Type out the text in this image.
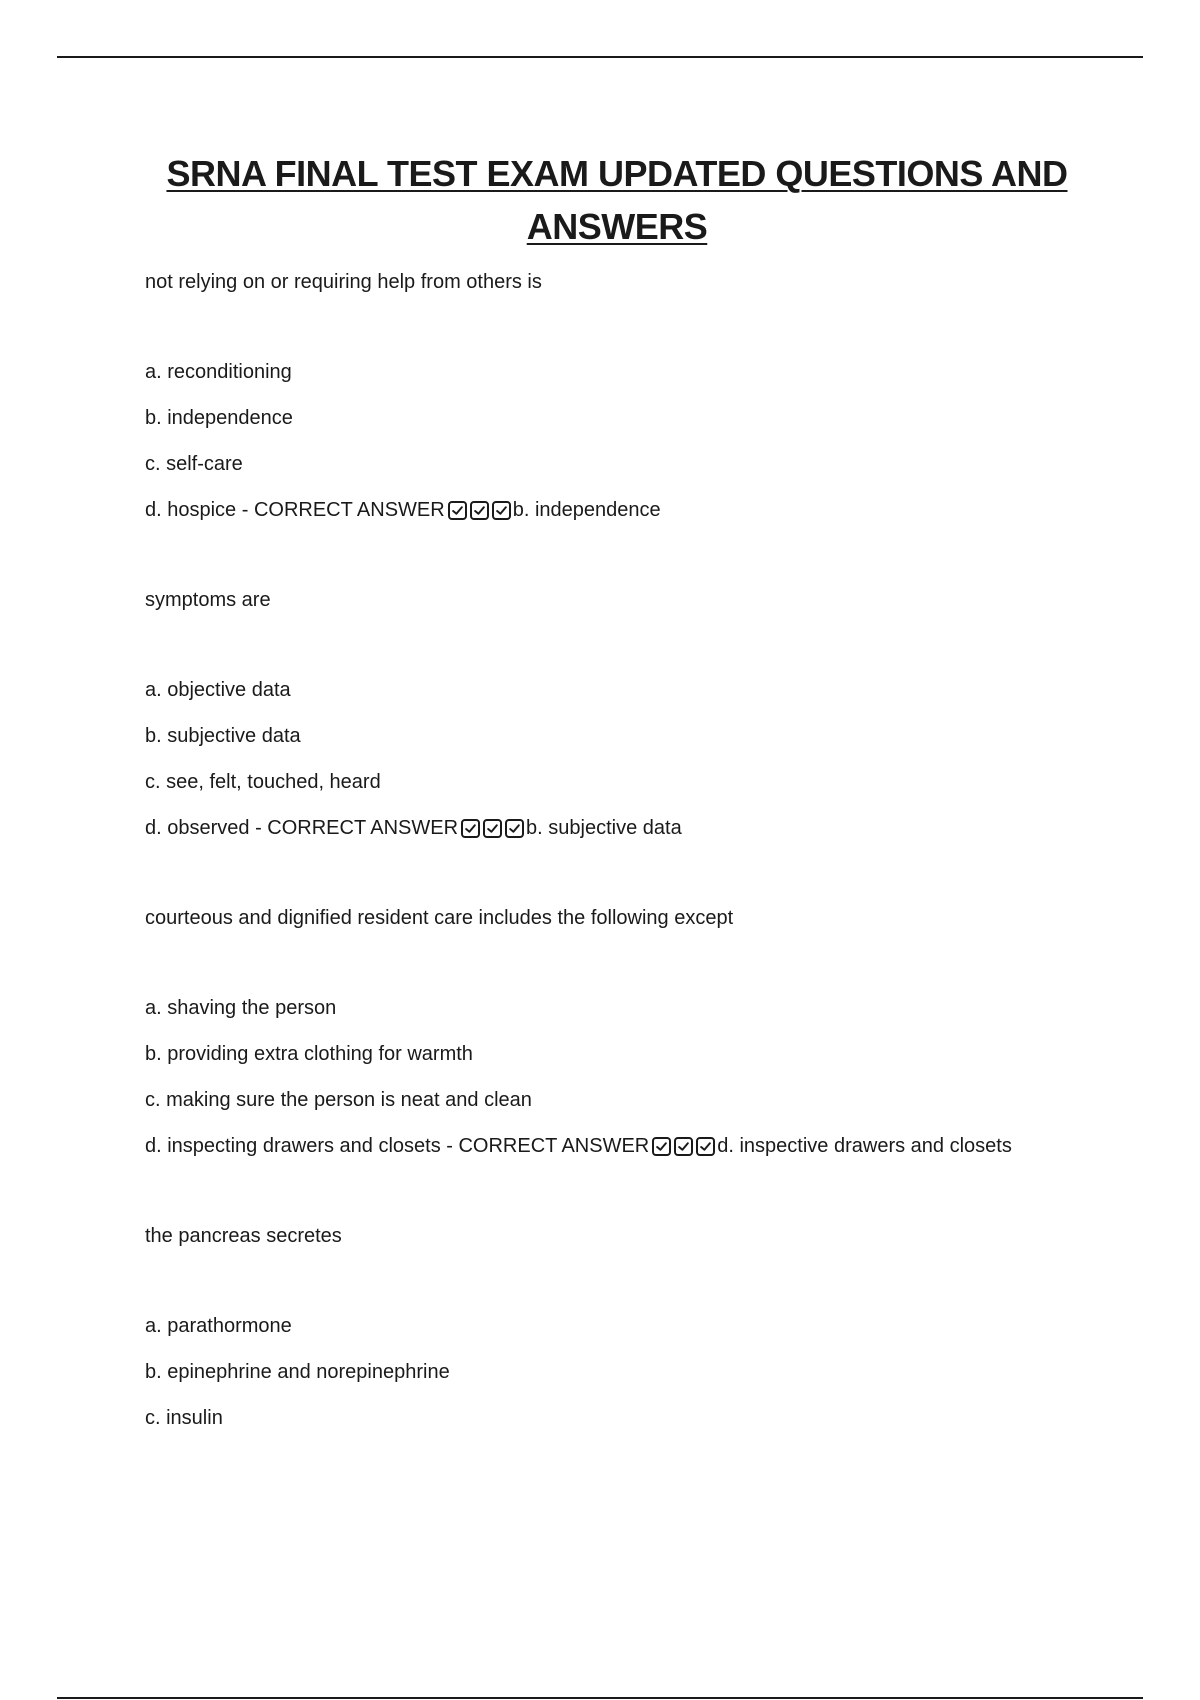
SRNA FINAL TEST EXAM UPDATED QUESTIONS AND ANSWERS
not relying on or requiring help from others is
a. reconditioning
b. independence
c. self-care
d. hospice - CORRECT ANSWER	b. independence
symptoms are
a. objective data
b. subjective data
c. see, felt, touched, heard
d. observed - CORRECT ANSWER	b. subjective data
courteous and dignified resident care includes the following except
a. shaving the person
b. providing extra clothing for warmth
c. making sure the person is neat and clean
d. inspecting drawers and closets - CORRECT ANSWER	d. inspective drawers and closets
the pancreas secretes
a. parathormone
b. epinephrine and norepinephrine
c. insulin
